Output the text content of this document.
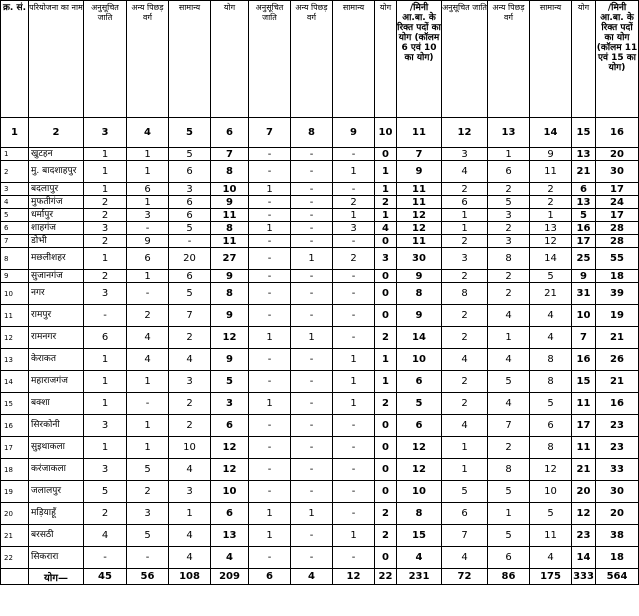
क्र. सं.	परियोजना का नाम	अनुसूचित जाति	अन्य पिछड़ वर्ग	सामान्य	योग	अनुसूचित जाति	अन्य पिछड़ वर्ग	सामान्य	योग	/मिनी आ.बा. के रिक्त पदों का योग (कॉलम 6 एवं 10 का योग)	अनुसूचित जाति	अन्य पिछड़ वर्ग	सामान्य	योग	/मिनी आ.बा. के रिक्त पदों का योग (कॉलम 11 एवं 15 का योग)
1	2	3	4	5	6	7	8	9	10	11	12	13	14	15	16
1	खुटहन	1	1	5	7	-	-	-	0	7	3	1	9	13	20
2	मु. बादशाहपुर	1	1	6	8	-	-	1	1	9	4	6	11	21	30
3	बदलापुर	1	6	3	10	1	-	-	1	11	2	2	2	6	17
4	मुफतीगंज	2	1	6	9	-	-	2	2	11	6	5	2	13	24
5	धर्मापुर	2	3	6	11	-	-	1	1	12	1	3	1	5	17
6	शाहगंज	3	-	5	8	1	-	3	4	12	1	2	13	16	28
7	डोभी	2	9	-	11	-	-	-	0	11	2	3	12	17	28
8	मछलीशहर	1	6	20	27	-	1	2	3	30	3	8	14	25	55
9	सुजानगंज	2	1	6	9	-	-	-	0	9	2	2	5	9	18
10	नगर	3	-	5	8	-	-	-	0	8	8	2	21	31	39
11	रामपुर	-	2	7	9	-	-	-	0	9	2	4	4	10	19
12	रामनगर	6	4	2	12	1	1	-	2	14	2	1	4	7	21
13	केराकत	1	4	4	9	-	-	1	1	10	4	4	8	16	26
14	महाराजगंज	1	1	3	5	-	-	1	1	6	2	5	8	15	21
15	बक्शा	1	-	2	3	1	-	1	2	5	2	4	5	11	16
16	सिरकोनी	3	1	2	6	-	-	-	0	6	4	7	6	17	23
17	सुइथाकला	1	1	10	12	-	-	-	0	12	1	2	8	11	23
18	करंजाकला	3	5	4	12	-	-	-	0	12	1	8	12	21	33
19	जलालपुर	5	2	3	10	-	-	-	0	10	5	5	10	20	30
20	मड़ियाहूँ	2	3	1	6	1	1	-	2	8	6	1	5	12	20
21	बरसठी	4	5	4	13	1	-	1	2	15	7	5	11	23	38
22	सिकरारा	-	-	4	4	-	-	-	0	4	4	6	4	14	18
	योग—	45	56	108	209	6	4	12	22	231	72	86	175	333	564
